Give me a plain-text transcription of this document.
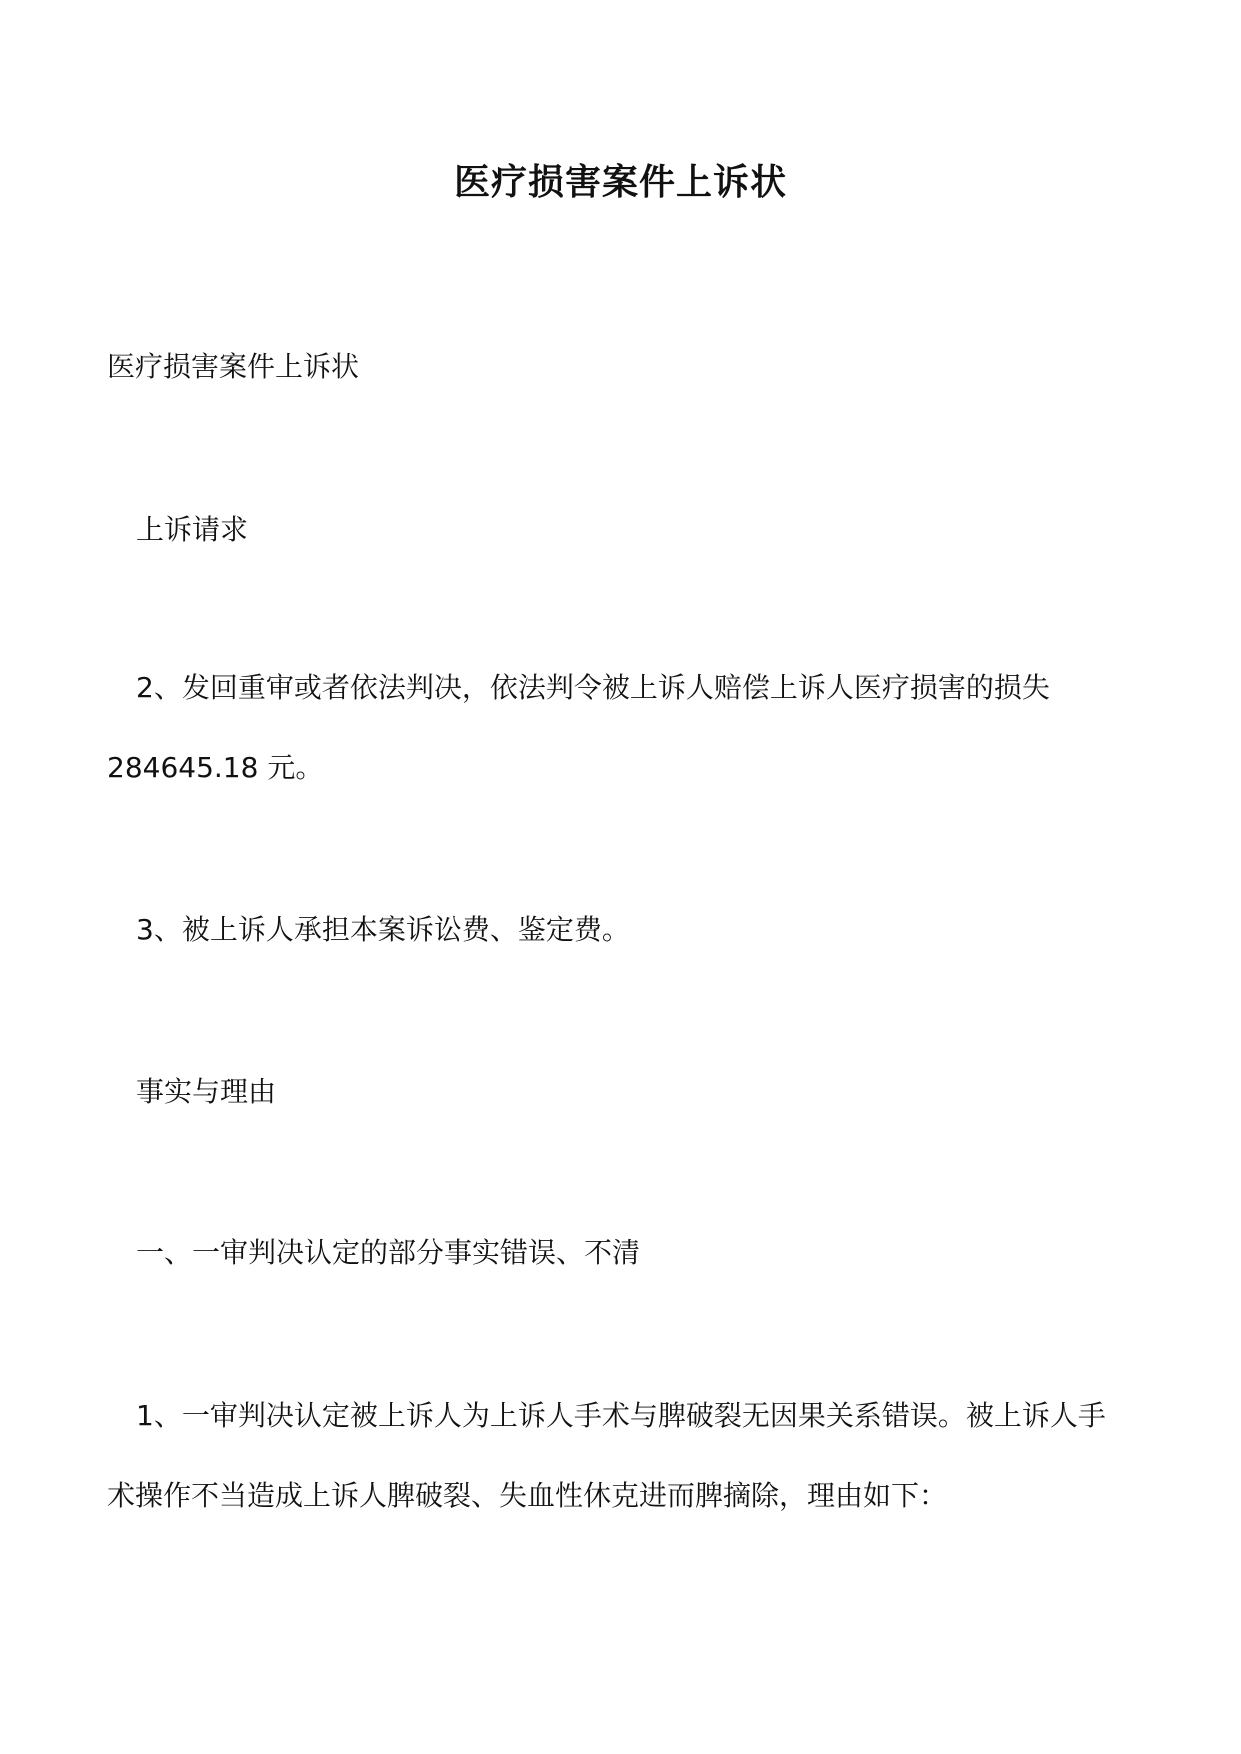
医疗损害案件上诉状

医疗损害案件上诉状

上诉请求

2、发回重审或者依法判决，依法判令被上诉人赔偿上诉人医疗损害的损失

284645.18 元。

3、被上诉人承担本案诉讼费、鉴定费。

事实与理由

一、一审判决认定的部分事实错误、不清

1、一审判决认定被上诉人为上诉人手术与脾破裂无因果关系错误。被上诉人手

术操作不当造成上诉人脾破裂、失血性休克进而脾摘除，理由如下：
